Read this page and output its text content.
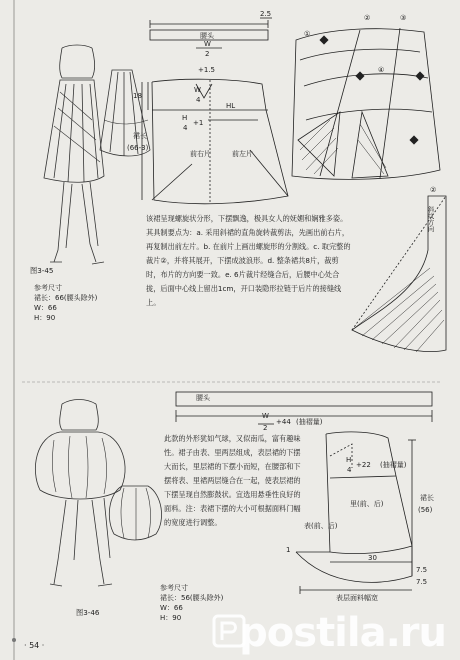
腰头
2.5
W
2
+1.5
18
W
4
HL
H
4
+1
裙长
(66-3)
前右片	前左片
①
②	③
④
②
斜纹方向
该裙呈现螺旋状分形，下摆飘逸，极具女人的妩媚和娴雅多姿。其具制要点为：a. 采用斜裙的直角旋转裁剪法，先画出前右片，再复制出前左片。b. 在前片上画出螺旋形的分割线。c. 取完整的裁片②，并将其展开，下摆成波浪形。d. 整条裙共8片，裁剪时，布片的方向要一致。e. 6片裁片经缝合后，后腰中心处合拢，后面中心线上留出1cm，开口装隐形拉链于后片的接缝线上。
图3-45
参考尺寸
裙长：66(腰头除外)
W：66
H：90
腰头
W
2
+44 (抽褶量)
H
4
+22 (抽褶量)
裙长
(56)
里(前、后)
表(前、后)
30
7.5
7.5
1
表层面料幅宽
此款的外形犹如气球，又似南瓜，富有趣味性。裙子由表、里两层组成，表层裙的下摆大而长，里层裙的下摆小而短，在腰部和下摆将表、里裙两层缝合在一起，使表层裙的下摆呈现自然膨鼓状。宜选用悬垂性良好的面料。注：表裙下摆的大小可根据面料门幅的宽度进行调整。
参考尺寸
裙长：56(腰头除外)
W：66
H：90
图3-46
· 54 ·	postila.ru
